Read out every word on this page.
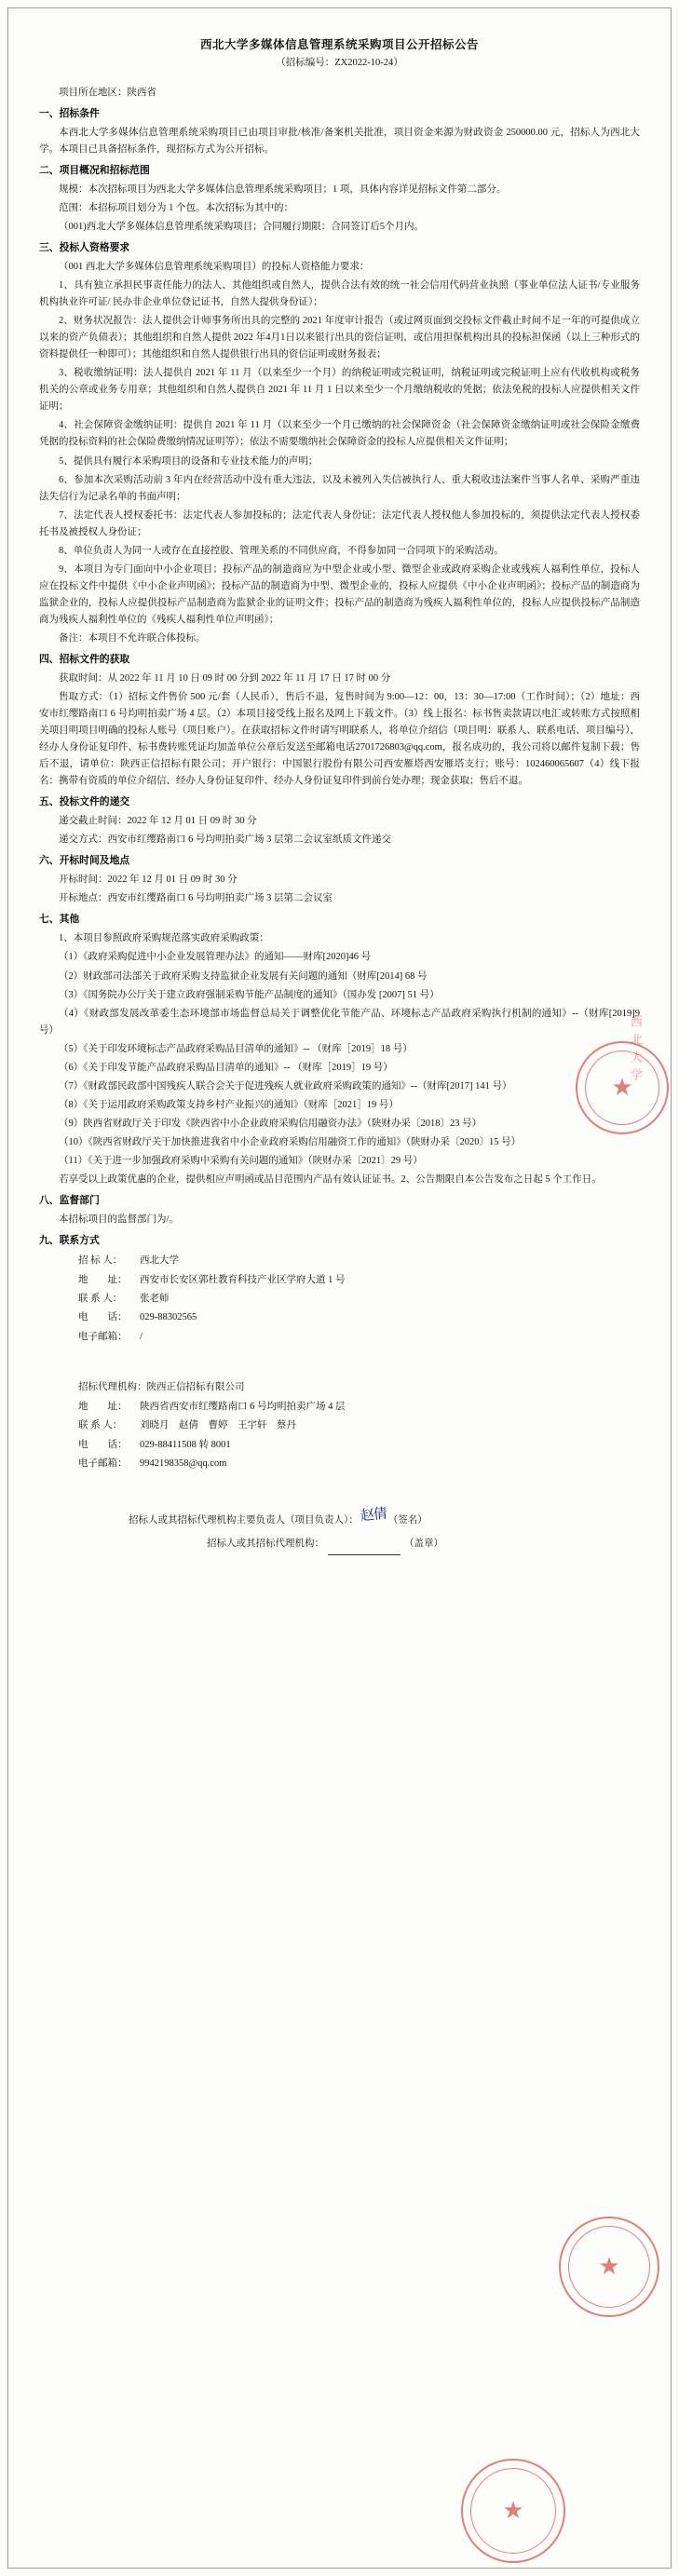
西北大学
★
★
★
西北大学多媒体信息管理系统采购项目公开招标公告
（招标编号：ZX2022-10-24）
项目所在地区：陕西省
一、招标条件
本西北大学多媒体信息管理系统采购项目已由项目审批/核准/备案机关批准，项目资金来源为财政资金 250000.00 元，招标人为西北大学。本项目已具备招标条件，现招标方式为公开招标。
二、项目概况和招标范围
规模：本次招标项目为西北大学多媒体信息管理系统采购项目；1 项，具体内容详见招标文件第二部分。
范围：本招标项目划分为 1 个包。本次招标为其中的：
（001)西北大学多媒体信息管理系统采购项目；合同履行期限：合同签订后5个月内。
三、投标人资格要求
（001 西北大学多媒体信息管理系统采购项目）的投标人资格能力要求：
1、具有独立承担民事责任能力的法人、其他组织或自然人，提供合法有效的统一社会信用代码营业执照（事业单位法人证书/专业服务机构执业许可证/ 民办非企业单位登记证书，自然人提供身份证）；
2、财务状况报告：法人提供会计师事务所出具的完整的 2021 年度审计报告（或过网页面到交投标文件截止时间不足一年的可提供成立以来的资产负债表）；其他组织和自然人提供 2022 年4月1日以来银行出具的资信证明，或信用担保机构出具的投标担保函（以上三种形式的资料提供任一种即可）；其他组织和自然人提供银行出具的资信证明或财务报表；
3、税收缴纳证明：法人提供自 2021 年 11 月（以来至少一个月）的纳税证明或完税证明，纳税证明或完税证明上应有代收机构或税务机关的公章或业务专用章；其他组织和自然人提供自 2021 年 11 月 1 日以来至少一个月缴纳税收的凭据；依法免税的投标人应提供相关文件证明；
4、社会保障资金缴纳证明：提供自 2021 年 11 月（以来至少一个月已缴纳的社会保障资金（社会保障资金缴纳证明或社会保险金缴费凭据的投标资料的社会保险费缴纳情况证明等）；依法不需要缴纳社会保障资金的投标人应提供相关文件证明；
5、提供具有履行本采购项目的设备和专业技术能力的声明；
6、参加本次采购活动前 3 年内在经营活动中没有重大违法，以及未被列入失信被执行人、重大税收违法案件当事人名单、采购严重违法失信行为记录名单的书面声明；
7、法定代表人授权委托书：法定代表人参加投标的；法定代表人身份证；法定代表人授权他人参加投标的，须提供法定代表人授权委托书及被授权人身份证；
8、单位负责人为同一人或存在直接控股、管理关系的不同供应商，不得参加同一合同项下的采购活动。
9、本项目为专门面向中小企业项目；投标产品的制造商应为中型企业或小型、微型企业或政府采购企业或残疾人福利性单位，投标人应在投标文件中提供《中小企业声明函》；投标产品的制造商为中型、微型企业的，投标人应提供《中小企业声明函》；投标产品的制造商为监狱企业的，投标人应提供投标产品制造商为监狱企业的证明文件；投标产品的制造商为残疾人福利性单位的，投标人应提供投标产品制造商为残疾人福利性单位的《残疾人福利性单位声明函》；
备注：本项目不允许联合体投标。
四、招标文件的获取
获取时间：从 2022 年 11 月 10 日 09 时 00 分到 2022 年 11 月 17 日 17 时 00 分
售取方式：（1）招标文件售价 500 元/套（人民币），售后不退，复售时间为 9:00—12：00，13：30—17:00（工作时间）；（2）地址：西安市红缨路南口 6 号均明拍卖广场 4 层。（2）本项目接受线上报名及网上下载文件。（3）线上报名：标书售卖款请以电汇或转账方式按照相关项目明项目明确的投标人账号（项目账户）。在获取招标文件时请写明联系人，将单位介绍信（项目明：联系人、联系电话、项目编号），经办人身份证复印件、标书费转账凭证均加盖单位公章后发送至邮箱电话2701726803@qq.com，报名成功的，我公司将以邮件复制下载；售后不退，请单位：陕西正信招标有限公司；开户银行：中国银行股份有限公司西安雁塔西安雁塔支行；账号：102460065607（4）线下报名：携带有资质的单位介绍信、经办人身份证复印件、经办人身份证复印件到前台处办理；现金获取；售后不退。
五、投标文件的递交
递交截止时间：2022 年 12 月 01 日 09 时 30 分
递交方式：西安市红缨路南口 6 号均明拍卖广场 3 层第二会议室纸质文件递交
六、开标时间及地点
开标时间：2022 年 12 月 01 日 09 时 30 分
开标地点：西安市红缨路南口 6 号均明拍卖广场 3 层第二会议室
七、其他
1、本项目参照政府采购规范落实政府采购政策：
（1）《政府采购促进中小企业发展管理办法》的通知——财库[2020]46 号
（2）财政部司法部关于政府采购支持监狱企业发展有关问题的通知（财库[2014] 68 号
（3）《国务院办公厅关于建立政府强制采购节能产品制度的通知》（国办发 [2007] 51 号）
（4）《财政部发展改革委生态环境部市场监督总局关于调整优化节能产品、环境标志产品政府采购执行机制的通知》--（财库[2019]9 号）
（5）《关于印发环境标志产品政府采购品目清单的通知》-- （财库［2019］18 号）
（6）《关于印发节能产品政府采购品目清单的通知》-- （财库［2019］19 号）
（7）《财政部民政部中国残疾人联合会关于促进残疾人就业政府采购政策的通知》--（财库[2017] 141 号）
（8）《关于运用政府采购政策支持乡村产业振兴的通知》（财库［2021］19 号）
（9）陕西省财政厅关于印发《陕西省中小企业政府采购信用融资办法》（陕财办采〔2018〕23 号）
（10）《陕西省财政厅关于加快推进我省中小企业政府采购信用融资工作的通知》（陕财办采〔2020〕15 号）
（11）《关于进一步加强政府采购中采购有关问题的通知》（陕财办采〔2021〕29 号）
若享受以上政策优惠的企业，提供相应声明函或品目范围内产品有效认证证书。2、公告期限自本公告发布之日起 5 个工作日。
八、监督部门
本招标项目的监督部门为/。
九、联系方式
招 标 人： 西北大学
地　　址： 西安市长安区郭杜教育科技产业区学府大道 1 号
联 系 人： 张老师
电　　话： 029-88302565
电子邮箱： /
招标代理机构：陕西正信招标有限公司
地　　址： 陕西省西安市红缨路南口 6 号均明拍卖广场 4 层
联 系 人： 刘晓月　赵倩　曹婷　王宇轩　蔡丹
电　　话： 029-88411508 转 8001
电子邮箱： 9942198358@qq.com
招标人或其招标代理机构主要负责人（项目负责人）： 赵倩 （签名）
招标人或其招标代理机构：	（盖章）
